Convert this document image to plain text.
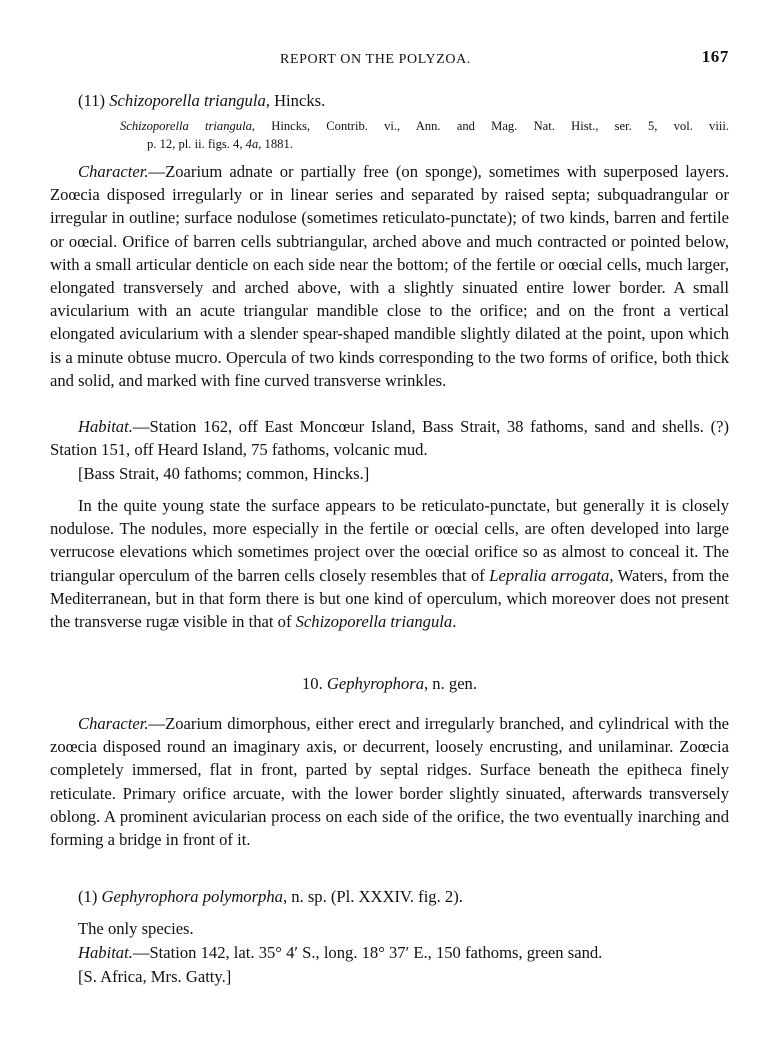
REPORT ON THE POLYZOA.	167

(11) Schizoporella triangula, Hincks.

Schizoporella triangula, Hincks, Contrib. vi., Ann. and Mag. Nat. Hist., ser. 5, vol. viii.

p. 12, pl. ii. figs. 4, 4a, 1881.

Character.—Zoarium adnate or partially free (on sponge), sometimes with superposed layers. Zoœcia disposed irregularly or in linear series and separated by raised septa; subquadrangular or irregular in outline; surface nodulose (sometimes reticulato-punctate); of two kinds, barren and fertile or oœcial. Orifice of barren cells subtriangular, arched above and much contracted or pointed below, with a small articular denticle on each side near the bottom; of the fertile or oœcial cells, much larger, elongated transversely and arched above, with a slightly sinuated entire lower border. A small avicularium with an acute triangular mandible close to the orifice; and on the front a vertical elongated avicularium with a slender spear-shaped mandible slightly dilated at the point, upon which is a minute obtuse mucro. Opercula of two kinds corresponding to the two forms of orifice, both thick and solid, and marked with fine curved transverse wrinkles.

Habitat.—Station 162, off East Moncœur Island, Bass Strait, 38 fathoms, sand and shells. (?) Station 151, off Heard Island, 75 fathoms, volcanic mud.

[Bass Strait, 40 fathoms; common, Hincks.]

In the quite young state the surface appears to be reticulato-punctate, but generally it is closely nodulose. The nodules, more especially in the fertile or oœcial cells, are often developed into large verrucose elevations which sometimes project over the oœcial orifice so as almost to conceal it. The triangular operculum of the barren cells closely resembles that of Lepralia arrogata, Waters, from the Mediterranean, but in that form there is but one kind of operculum, which moreover does not present the transverse rugæ visible in that of Schizoporella triangula.

10. Gephyrophora, n. gen.

Character.—Zoarium dimorphous, either erect and irregularly branched, and cylindrical with the zoœcia disposed round an imaginary axis, or decurrent, loosely encrusting, and unilaminar. Zoœcia completely immersed, flat in front, parted by septal ridges. Surface beneath the epitheca finely reticulate. Primary orifice arcuate, with the lower border slightly sinuated, afterwards transversely oblong. A prominent avicularian process on each side of the orifice, the two eventually inarching and forming a bridge in front of it.

(1) Gephyrophora polymorpha, n. sp. (Pl. XXXIV. fig. 2).

The only species.

Habitat.—Station 142, lat. 35° 4′ S., long. 18° 37′ E., 150 fathoms, green sand.

[S. Africa, Mrs. Gatty.]
